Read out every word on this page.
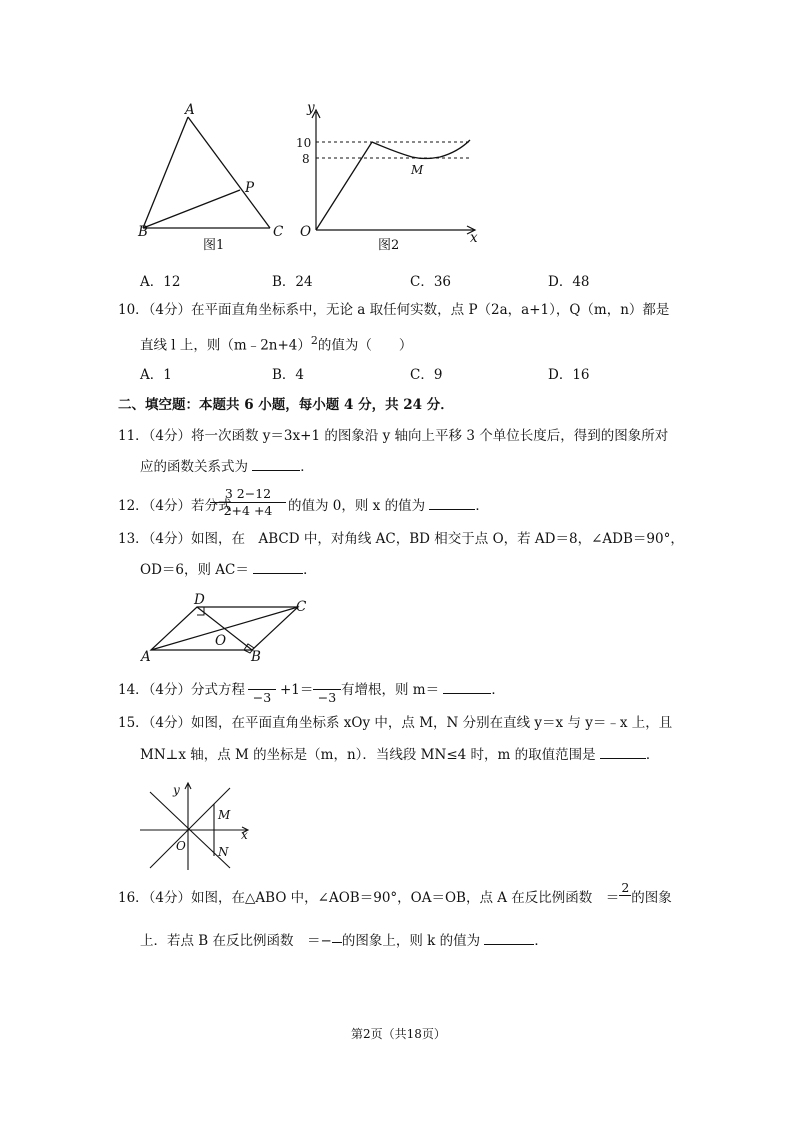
A
P
B	C
图1
y
10
8
M
O	x
图2
A．12	B．24	C．36	D．48
10．（4分）在平面直角坐标系中，无论 a 取任何实数，点 P（2a，a+1），Q（m，n）都是
直线 l 上，则（m﹣2n+4）$^2$的值为（　　）
A．1	B．4	C．9	D．16
二、填空题：本题共 6 小题，每小题 4 分，共 24 分．
11．（4分）将一次函数 y＝3x+1 的图象沿 y 轴向上平移 3 个单位长度后，得到的图象所对
应的函数关系式为	．
12．（4分）若分式
3 2−12
2+4 +4	的值为 0，则 x 的值为	．
13．（4分）如图，在　ABCD 中，对角线 AC，BD 相交于点 O，若 AD＝8，∠ADB＝90°，
OD＝6，则 AC＝	．
D	C
O
A	B
14．（4分）分式方程 −3 +1＝ −3 有增根，则 m＝	．
15．（4分）如图，在平面直角坐标系 xOy 中，点 M，N 分别在直线 y＝x 与 y＝﹣x 上，且
MN⊥x 轴，点 M 的坐标是（m，n）．当线段 MN≤4 时，m 的取值范围是	．
y
M
x
O	N
16．（4分）如图，在△ABO 中，∠AOB＝90°，OA＝OB，点 A 在反比例函数　＝
2
的图象
上．若点 B 在反比例函数　＝− 的图象上，则 k 的值为	．
第2页（共18页）
